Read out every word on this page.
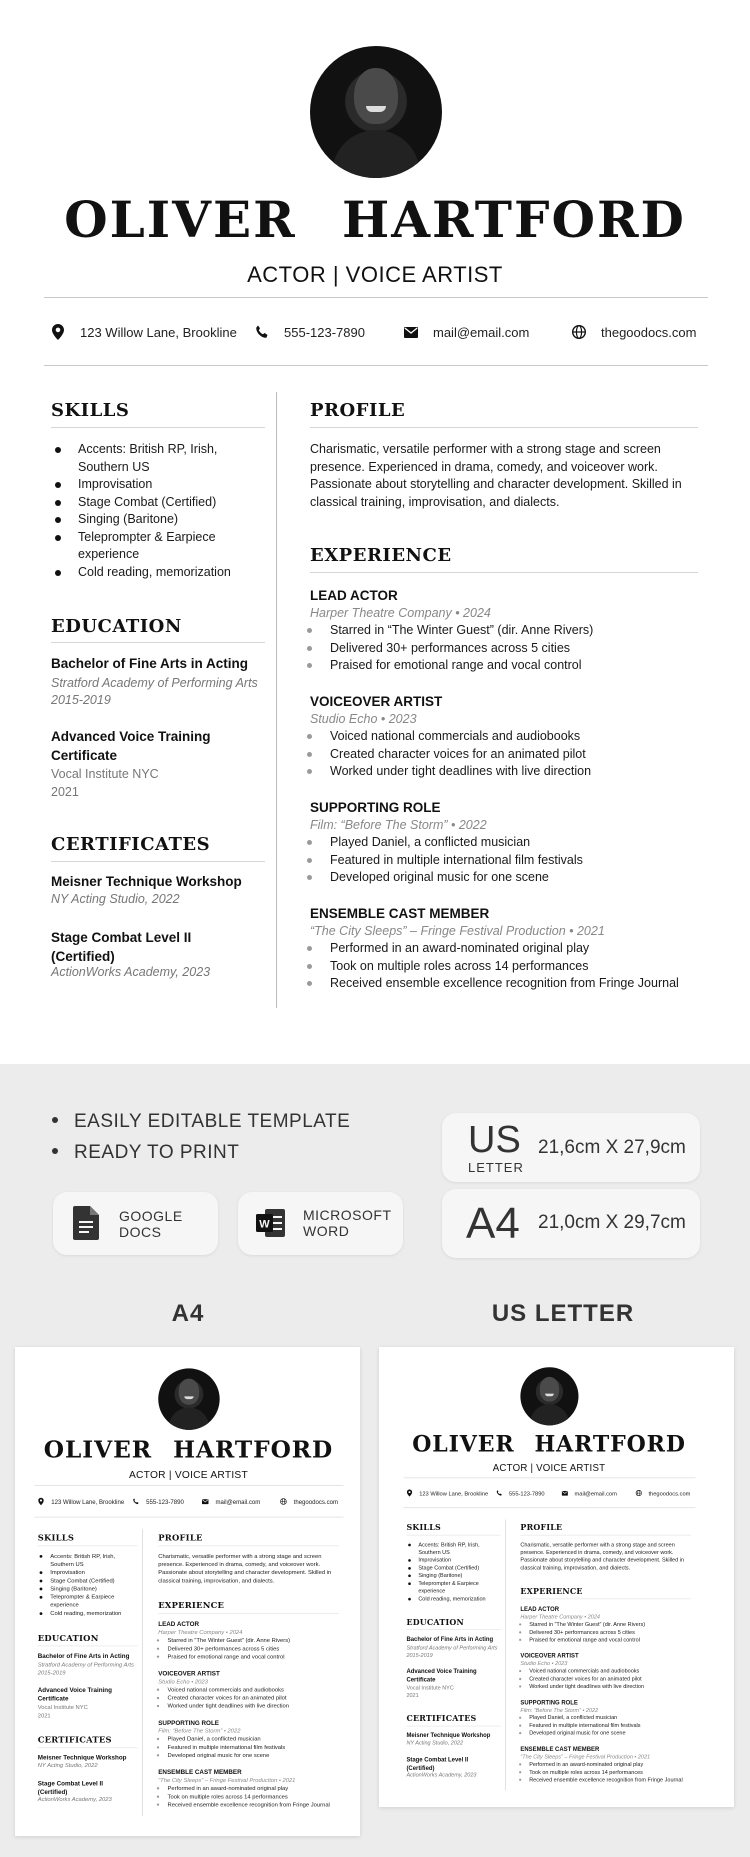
OLIVER HARTFORD
ACTOR | VOICE ARTIST
123 Willow Lane, Brookline	555-123-7890	mail@email.com	thegoodocs.com
SKILLS
Accents: British RP, Irish, Southern US
Improvisation
Stage Combat (Certified)
Singing (Baritone)
Teleprompter & Earpiece experience
Cold reading, memorization
EDUCATION
Bachelor of Fine Arts in Acting
Stratford Academy of Performing Arts
2015-2019
Advanced Voice Training Certificate
Vocal Institute NYC
2021
CERTIFICATES
Meisner Technique Workshop
NY Acting Studio, 2022
Stage Combat Level II (Certified)
ActionWorks Academy, 2023
PROFILE
Charismatic, versatile performer with a strong stage and screen presence. Experienced in drama, comedy, and voiceover work. Passionate about storytelling and character development. Skilled in classical training, improvisation, and dialects.
EXPERIENCE
LEAD ACTOR
Harper Theatre Company • 2024
Starred in “The Winter Guest” (dir. Anne Rivers)
Delivered 30+ performances across 5 cities
Praised for emotional range and vocal control
VOICEOVER ARTIST
Studio Echo • 2023
Voiced national commercials and audiobooks
Created character voices for an animated pilot
Worked under tight deadlines with live direction
SUPPORTING ROLE
Film: “Before The Storm” • 2022
Played Daniel, a conflicted musician
Featured in multiple international film festivals
Developed original music for one scene
ENSEMBLE CAST MEMBER
“The City Sleeps” – Fringe Festival Production • 2021
Performed in an award-nominated original play
Took on multiple roles across 14 performances
Received ensemble excellence recognition from Fringe Journal
EASILY EDITABLE TEMPLATE
READY TO PRINT
GOOGLE DOCS	W
MICROSOFT WORD
US
LETTER
21,6cm X 27,9cm
A4 21,0cm X 29,7cm
A4	US LETTER
OLIVER HARTFORD
ACTOR | VOICE ARTIST
123 Willow Lane, Brookline 555-123-7890 mail@email.com	thegoodocs.com
SKILLS
Accents: British RP, Irish, Southern US
Improvisation
Stage Combat (Certified)
Singing (Baritone)
Teleprompter & Earpiece experience
Cold reading, memorization
EDUCATION
Bachelor of Fine Arts in Acting
Stratford Academy of Performing Arts
2015-2019
Advanced Voice Training Certificate
Vocal Institute NYC
2021
CERTIFICATES
Meisner Technique Workshop
NY Acting Studio, 2022
Stage Combat Level II (Certified)
ActionWorks Academy, 2023
PROFILE
Charismatic, versatile performer with a strong stage and screen presence. Experienced in drama, comedy, and voiceover work. Passionate about storytelling and character development. Skilled in classical training, improvisation, and dialects.
EXPERIENCE
LEAD ACTOR
Harper Theatre Company • 2024
Starred in “The Winter Guest” (dir. Anne Rivers)
Delivered 30+ performances across 5 cities
Praised for emotional range and vocal control
VOICEOVER ARTIST
Studio Echo • 2023
Voiced national commercials and audiobooks
Created character voices for an animated pilot
Worked under tight deadlines with live direction
SUPPORTING ROLE
Film: “Before The Storm” • 2022
Played Daniel, a conflicted musician
Featured in multiple international film festivals
Developed original music for one scene
ENSEMBLE CAST MEMBER
“The City Sleeps” – Fringe Festival Production • 2021
Performed in an award-nominated original play
Took on multiple roles across 14 performances
Received ensemble excellence recognition from Fringe Journal
OLIVER HARTFORD
ACTOR | VOICE ARTIST
123 Willow Lane, Brookline 555-123-7890 mail@email.com thegoodocs.com
SKILLS
Accents: British RP, Irish, Southern US
Improvisation
Stage Combat (Certified)
Singing (Baritone)
Teleprompter & Earpiece experience
Cold reading, memorization
EDUCATION
Bachelor of Fine Arts in Acting
Stratford Academy of Performing Arts
2015-2019
Advanced Voice Training Certificate
Vocal Institute NYC
2021
CERTIFICATES
Meisner Technique Workshop
NY Acting Studio, 2022
Stage Combat Level II (Certified)
ActionWorks Academy, 2023
PROFILE
Charismatic, versatile performer with a strong stage and screen presence. Experienced in drama, comedy, and voiceover work. Passionate about storytelling and character development. Skilled in classical training, improvisation, and dialects.
EXPERIENCE
LEAD ACTOR
Harper Theatre Company • 2024
Starred in “The Winter Guest” (dir. Anne Rivers)
Delivered 30+ performances across 5 cities
Praised for emotional range and vocal control
VOICEOVER ARTIST
Studio Echo • 2023
Voiced national commercials and audiobooks
Created character voices for an animated pilot
Worked under tight deadlines with live direction
SUPPORTING ROLE
Film: “Before The Storm” • 2022
Played Daniel, a conflicted musician
Featured in multiple international film festivals
Developed original music for one scene
ENSEMBLE CAST MEMBER
“The City Sleeps” – Fringe Festival Production • 2021
Performed in an award-nominated original play
Took on multiple roles across 14 performances
Received ensemble excellence recognition from Fringe Journal
